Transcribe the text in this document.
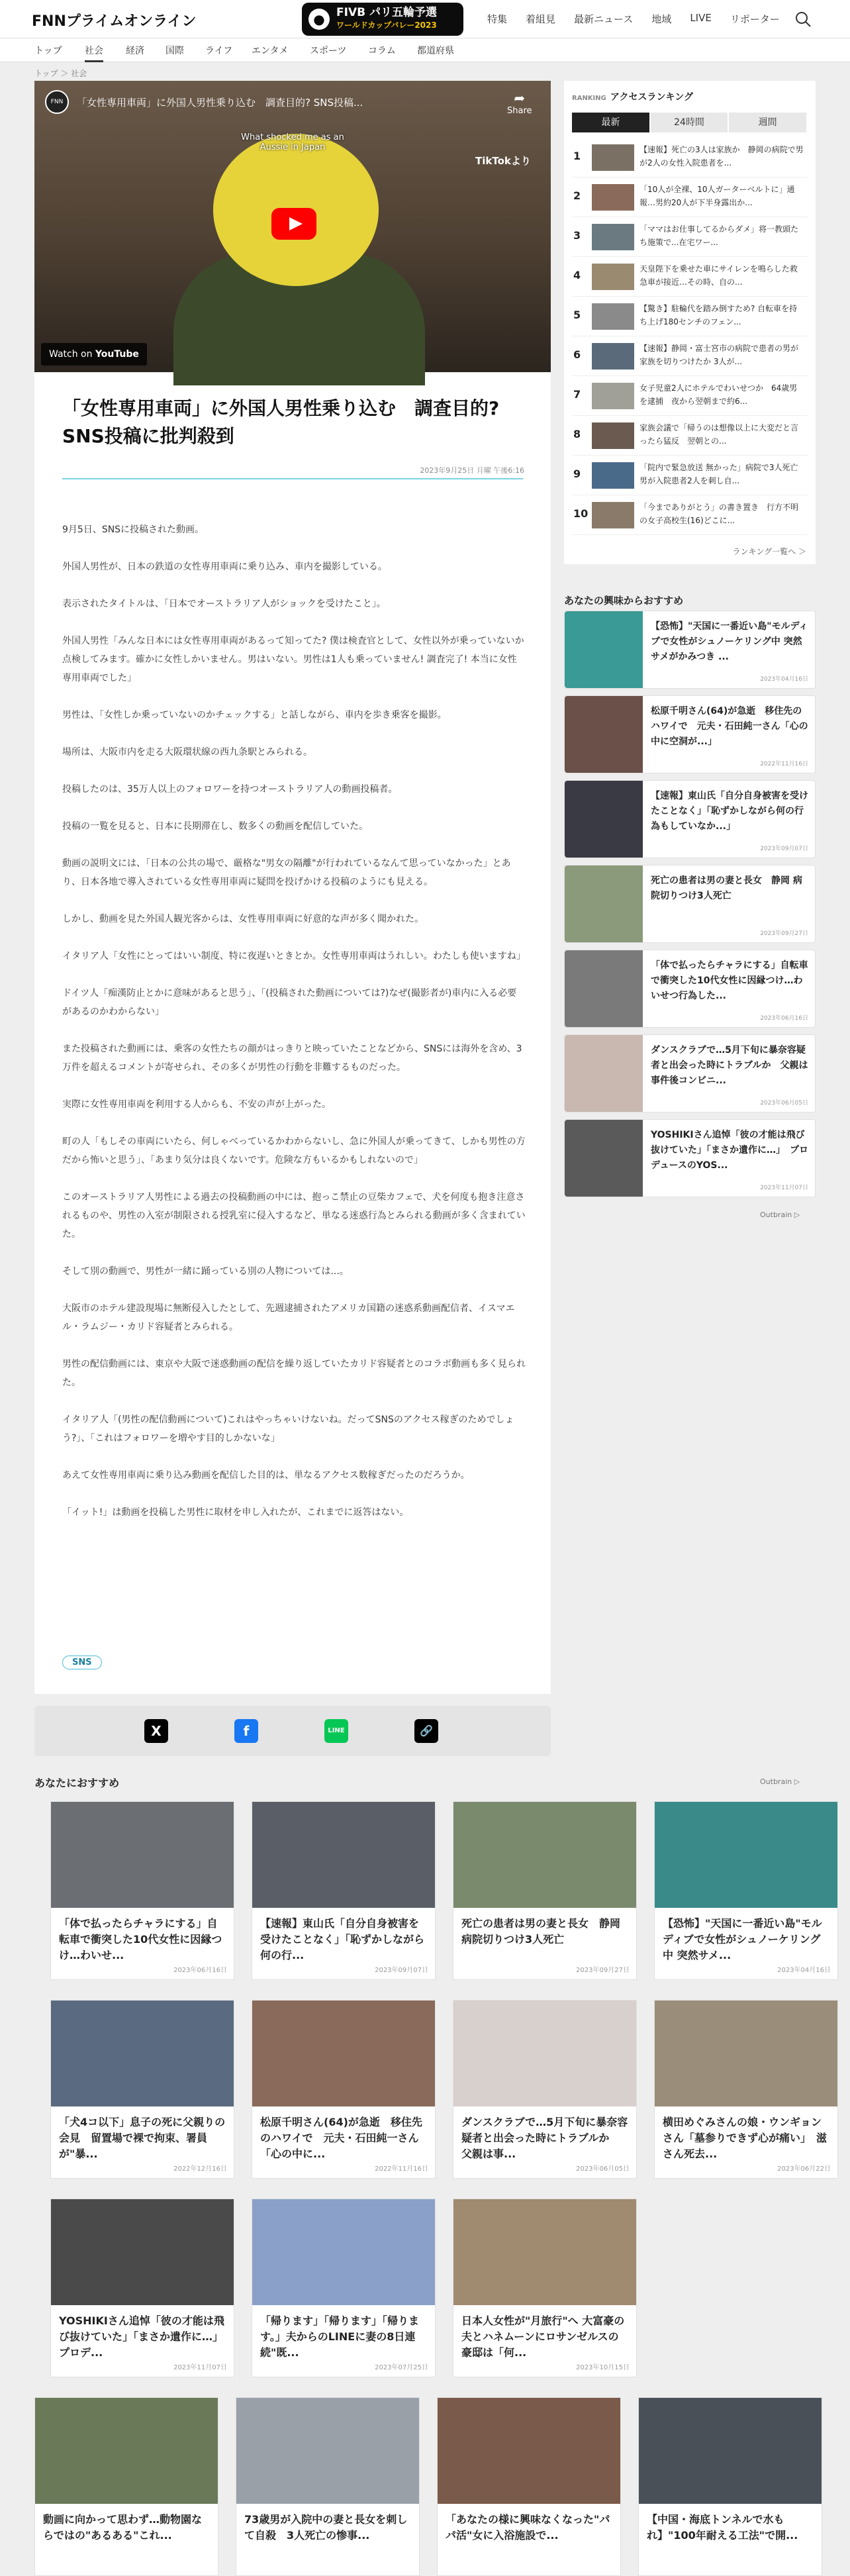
FNNプライムオンライン	●	FIVB パリ五輪予選
ワールドカップバレー2023	特集 着組見 最新ニュース 地域 LIVE リポーター
トップ 社会 経済 国際 ライフ エンタメ スポーツ コラム 都道府県
トップ ＞ 社会
FNN	「女性専用車両」に外国人男性乗り込む　調査目的? SNS投稿...	➦
Share
What shocked me as an Aussie in Japan
TikTokより
Watch on YouTube
「女性専用車両」に外国人男性乗り込む　調査目的? SNS投稿に批判殺到
2023年9月25日 月曜 午後6:16

9月5日、SNSに投稿された動画。

外国人男性が、日本の鉄道の女性専用車両に乗り込み、車内を撮影している。

表示されたタイトルは、「日本でオーストラリア人がショックを受けたこと」。

外国人男性「みんな日本には女性専用車両があるって知ってた? 僕は検査官として、女性以外が乗っていないか点検してみます。確かに女性しかいません。男はいない。男性は1人も乗っていません! 調査完了! 本当に女性専用車両でした」

男性は、「女性しか乗っていないのかチェックする」と話しながら、車内を歩き乗客を撮影。

場所は、大阪市内を走る大阪環状線の西九条駅とみられる。

投稿したのは、35万人以上のフォロワーを持つオーストラリア人の動画投稿者。

投稿の一覧を見ると、日本に長期滞在し、数多くの動画を配信していた。

動画の説明文には、「日本の公共の場で、厳格な"男女の隔離"が行われているなんて思っていなかった」とあり、日本各地で導入されている女性専用車両に疑問を投げかける投稿のようにも見える。

しかし、動画を見た外国人観光客からは、女性専用車両に好意的な声が多く聞かれた。

イタリア人「女性にとってはいい制度、特に夜遅いときとか。女性専用車両はうれしい。わたしも使いますね」

ドイツ人「痴漢防止とかに意味があると思う」、「(投稿された動画については?)なぜ(撮影者が)車内に入る必要があるのかわからない」

また投稿された動画には、乗客の女性たちの顔がはっきりと映っていたことなどから、SNSには海外を含め、3万件を超えるコメントが寄せられ、その多くが男性の行動を非難するものだった。

実際に女性専用車両を利用する人からも、不安の声が上がった。

町の人「もしその車両にいたら、何しゃべっているかわからないし、急に外国人が乗ってきて、しかも男性の方だから怖いと思う」、「あまり気分は良くないです。危険な方もいるかもしれないので」

このオーストラリア人男性による過去の投稿動画の中には、抱っこ禁止の豆柴カフェで、犬を何度も抱き注意されるものや、男性の入室が制限される授乳室に侵入するなど、単なる迷惑行為とみられる動画が多く含まれていた。

そして別の動画で、男性が一緒に踊っている別の人物については...。

大阪市のホテル建設現場に無断侵入したとして、先週逮捕されたアメリカ国籍の迷惑系動画配信者、イスマエル・ラムジー・カリド容疑者とみられる。

男性の配信動画には、東京や大阪で迷惑動画の配信を繰り返していたカリド容疑者とのコラボ動画も多く見られた。

イタリア人「(男性の配信動画について)これはやっちゃいけないね。だってSNSのアクセス稼ぎのためでしょう?」、「これはフォロワーを増やす目的しかないな」

あえて女性専用車両に乗り込み動画を配信した目的は、単なるアクセス数稼ぎだったのだろうか。

「イット!」は動画を投稿した男性に取材を申し入れたが、これまでに返答はない。

SNS
X	f	LINE	🔗
RANKING アクセスランキング
最新	24時間	週間
1	【速報】死亡の3人は家族か　静岡の病院で男が2人の女性入院患者を...
2	「10人が全裸、10人ガーターベルトに」通報…男約20人が下半身露出か...
3	「ママはお仕事してるからダメ」将一教頭たち施策で...在宅ワー...
4	天皇陛下を乗せた車にサイレンを鳴らした救急車が接近…その時、自の...
5	【驚き】駐輪代を踏み倒すため? 自転車を持ち上げ180センチのフェン...
6	【速報】静岡・富士宮市の病院で患者の男が家族を切りつけたか 3人が...
7	女子児童2人にホテルでわいせつか　64歳男を逮捕　夜から翌朝まで約6...
8	家族会議で「帰うのは想像以上に大変だと言ったら猛反　翌朝との...
9	「院内で緊急放送 無かった」病院で3人死亡　男が入院患者2人を刺し自...
10	「今までありがとう」の書き置き　行方不明の女子高校生(16)どこに...
ランキング一覧へ ＞
あなたの興味からおすすめ
【恐怖】"天国に一番近い島"モルディブで女性がシュノーケリング中 突然サメがかみつき ...
2023年04月16日
松原千明さん(64)が急逝　移住先のハワイで　元夫・石田純一さん「心の中に空洞が...」
2022年11月16日
【速報】東山氏「自分自身被害を受けたことなく」「恥ずかしながら何の行為もしていなか...」
2023年09月07日
死亡の患者は男の妻と長女　静岡 病院切りつけ3人死亡
2023年09月27日
「体で払ったらチャラにする」自転車で衝突した10代女性に因縁つけ…わいせつ行為した...
2023年06月16日
ダンスクラブで…5月下旬に暴奈容疑者と出会った時にトラブルか　父親は事件後コンビニ...
2023年06月05日
YOSHIKIさん追悼「彼の才能は飛び抜けていた」「まさか遺作に…」　プロデュースのYOS...
2023年11月07日
Outbrain ▷
あなたにおすすめ	Outbrain ▷
「体で払ったらチャラにする」自転車で衝突した10代女性に因縁つけ…わいせ...
2023年06月16日
【速報】東山氏「自分自身被害を受けたことなく」「恥ずかしながら何の行...
2023年09月07日
死亡の患者は男の妻と長女　静岡 病院切りつけ3人死亡
2023年09月27日
【恐怖】"天国に一番近い島"モルディブで女性がシュノーケリング中 突然サメ...
2023年04月16日
「犬4コ以下」息子の死に父親りの会見　留置場で裸で拘束、署員が"暴...
2022年12月16日
松原千明さん(64)が急逝　移住先のハワイで　元夫・石田純一さん「心の中に...
2022年11月16日
ダンスクラブで…5月下旬に暴奈容疑者と出会った時にトラブルか　父親は事...
2023年06月05日
横田めぐみさんの娘・ウンギョンさん「墓参りできず心が痛い」　滋さん死去...
2023年06月22日
YOSHIKIさん追悼「彼の才能は飛び抜けていた」「まさか遺作に…」　プロデ...
2023年11月07日
「帰ります」「帰ります」「帰ります。」夫からのLINEに妻の8日連続"既...
2023年07月25日
日本人女性が"月旅行"へ 大富豪の夫とハネムーンにロサンゼルスの豪邸は「何...
2023年10月15日
動画に向かって思わず…動物園ならではの"あるある"これ...
73歳男が入院中の妻と長女を刺して自殺　3人死亡の惨事...
「あなたの様に興味なくなった"パパ活"女に入浴施設で...
【中国・海底トンネルで水もれ】"100年耐える工法"で開...
